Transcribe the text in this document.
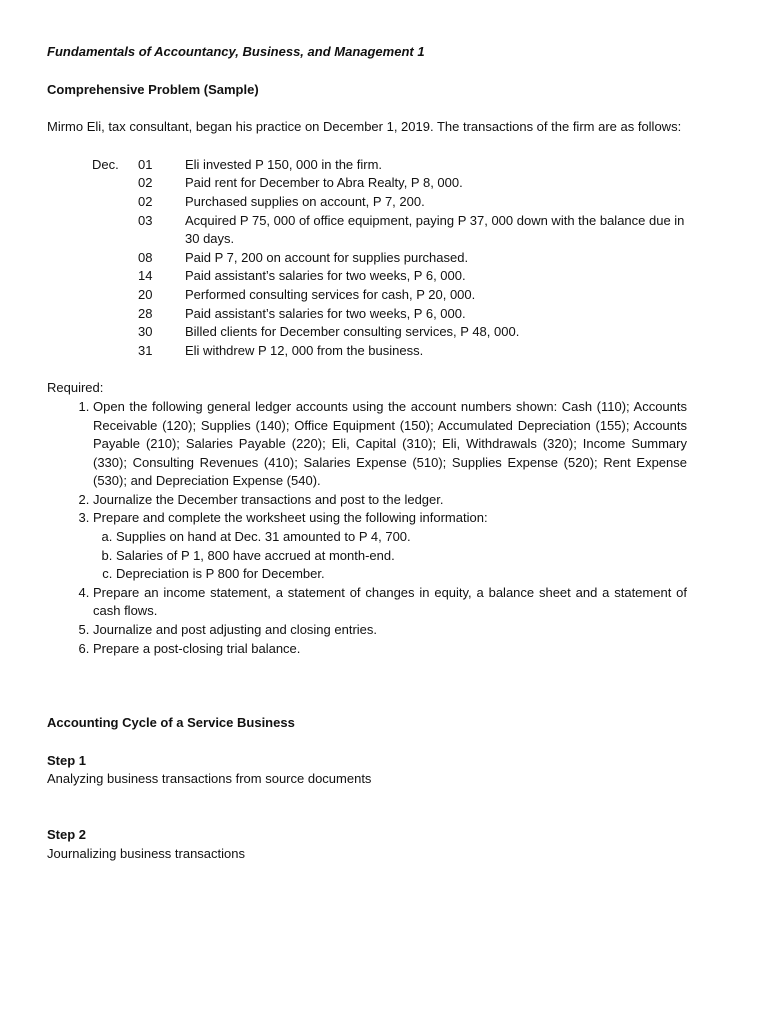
Fundamentals of Accountancy, Business, and Management 1

Comprehensive Problem (Sample)

Mirmo Eli, tax consultant, began his practice on December 1, 2019. The transactions of the firm are as follows:

Dec.	01	Eli invested P 150, 000 in the firm.
	02	Paid rent for December to Abra Realty, P 8, 000.
	02	Purchased supplies on account, P 7, 200.
	03	Acquired P 75, 000 of office equipment, paying P 37, 000 down with the balance due in 30 days.
	08	Paid P 7, 200 on account for supplies purchased.
	14	Paid assistant’s salaries for two weeks, P 6, 000.
	20	Performed consulting services for cash, P 20, 000.
	28	Paid assistant’s salaries for two weeks, P 6, 000.
	30	Billed clients for December consulting services, P 48, 000.
	31	Eli withdrew P 12, 000 from the business.

Required:

1. Open the following general ledger accounts using the account numbers shown: Cash (110); Accounts Receivable (120); Supplies (140); Office Equipment (150); Accumulated Depreciation (155); Accounts Payable (210); Salaries Payable (220); Eli, Capital (310); Eli, Withdrawals (320); Income Summary (330); Consulting Revenues (410); Salaries Expense (510); Supplies Expense (520); Rent Expense (530); and Depreciation Expense (540).
2. Journalize the December transactions and post to the ledger.
3. Prepare and complete the worksheet using the following information:
a. Supplies on hand at Dec. 31 amounted to P 4, 700.
b. Salaries of P 1, 800 have accrued at month-end.
c. Depreciation is P 800 for December.
4. Prepare an income statement, a statement of changes in equity, a balance sheet and a statement of cash flows.
5. Journalize and post adjusting and closing entries.
6. Prepare a post-closing trial balance.

Accounting Cycle of a Service Business

Step 1

Analyzing business transactions from source documents

Step 2

Journalizing business transactions
